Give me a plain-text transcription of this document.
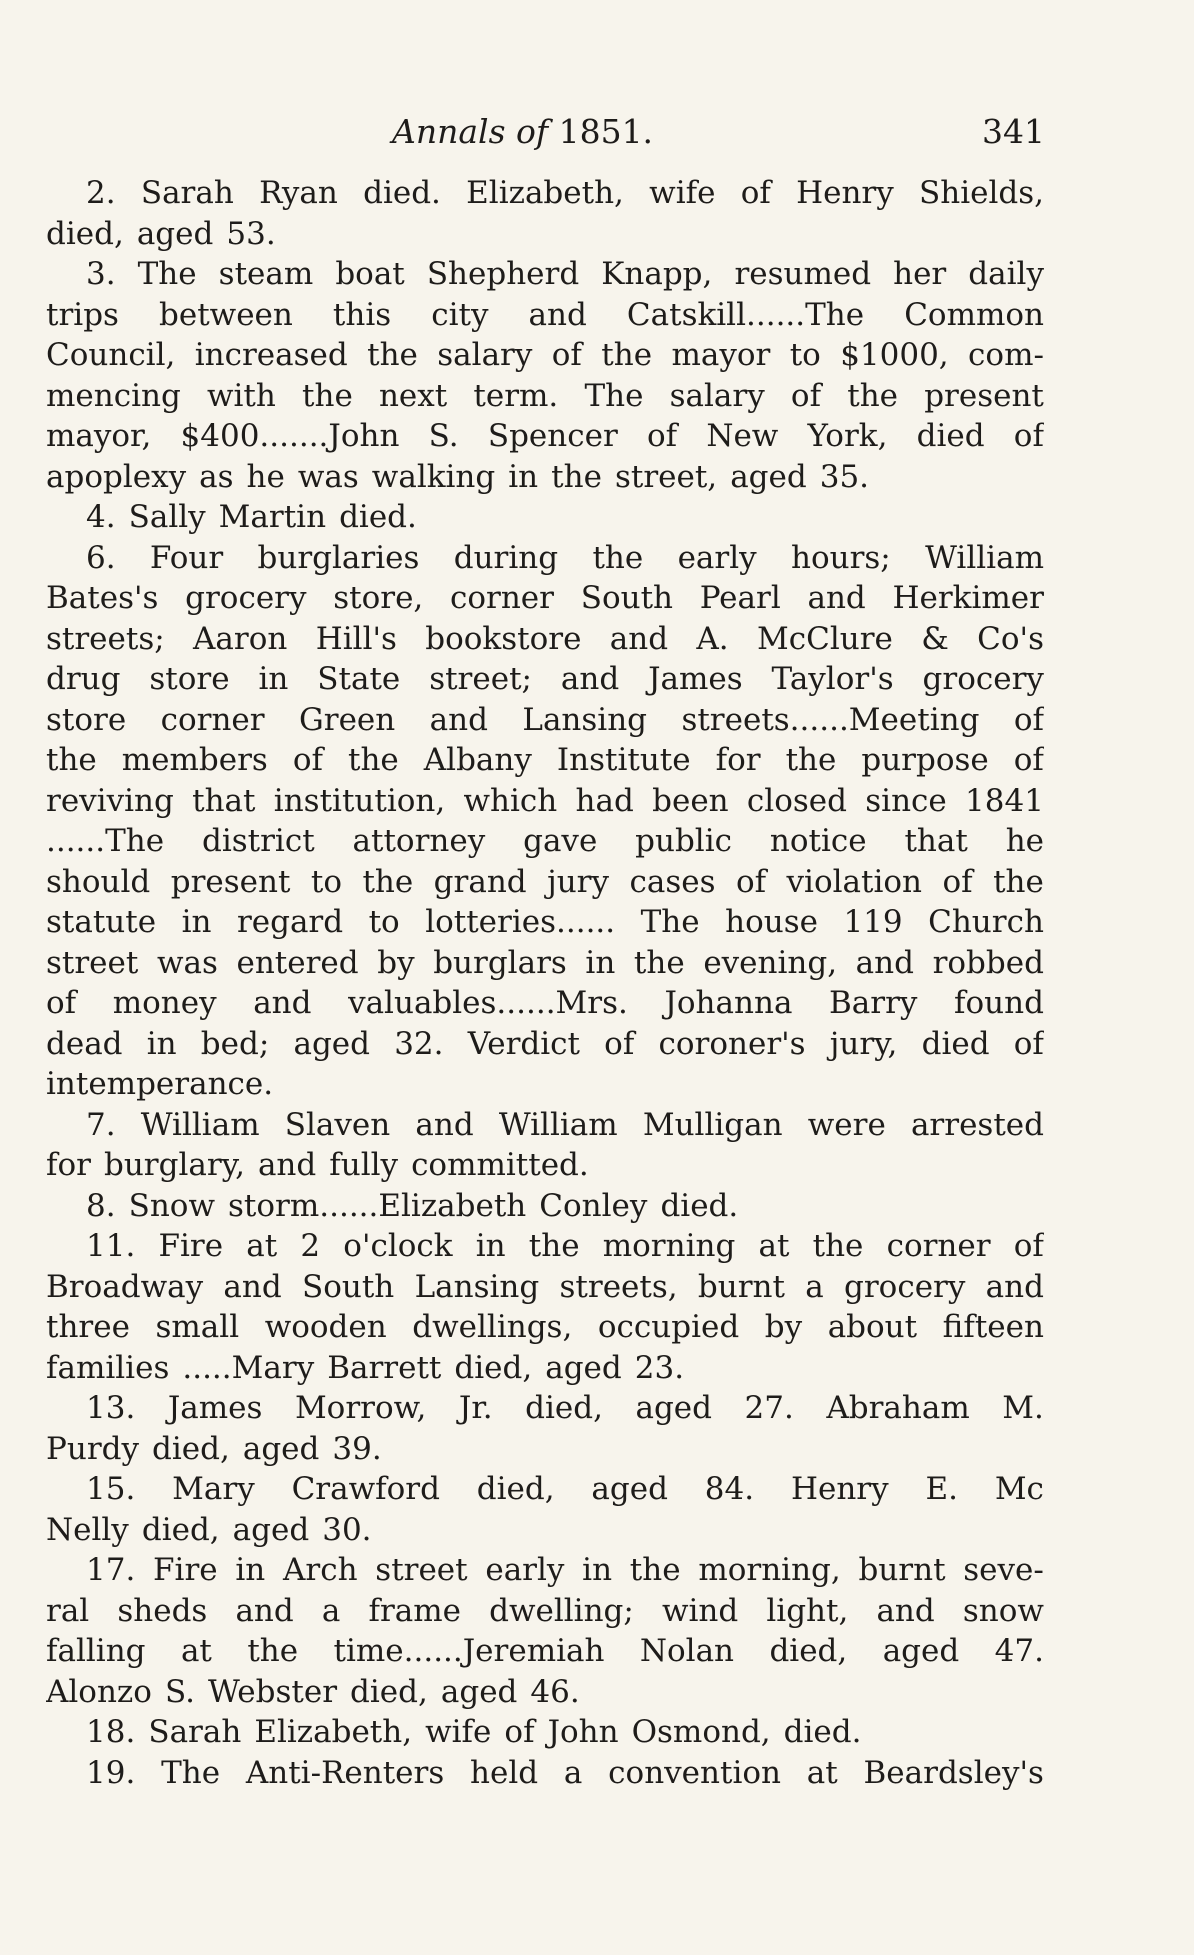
Annals of 1851.	341
2. Sarah Ryan died. Elizabeth, wife of Henry Shields,
died, aged 53.
3. The steam boat Shepherd Knapp, resumed her daily
trips between this city and Catskill......The Common
Council, increased the salary of the mayor to $1000, com-
mencing with the next term. The salary of the present
mayor, $400.......John S. Spencer of New York, died of
apoplexy as he was walking in the street, aged 35.
4. Sally Martin died.
6. Four burglaries during the early hours; William
Bates's grocery store, corner South Pearl and Herkimer
streets; Aaron Hill's bookstore and A. McClure & Co's
drug store in State street; and James Taylor's grocery
store corner Green and Lansing streets......Meeting of
the members of the Albany Institute for the purpose of
reviving that institution, which had been closed since 1841
......The district attorney gave public notice that he
should present to the grand jury cases of violation of the
statute in regard to lotteries...... The house 119 Church
street was entered by burglars in the evening, and robbed
of money and valuables......Mrs. Johanna Barry found
dead in bed; aged 32. Verdict of coroner's jury, died of
intemperance.
7. William Slaven and William Mulligan were arrested
for burglary, and fully committed.
8. Snow storm......Elizabeth Conley died.
11. Fire at 2 o'clock in the morning at the corner of
Broadway and South Lansing streets, burnt a grocery and
three small wooden dwellings, occupied by about fifteen
families .....Mary Barrett died, aged 23.
13. James Morrow, Jr. died, aged 27. Abraham M.
Purdy died, aged 39.
15. Mary Crawford died, aged 84. Henry E. Mc
Nelly died, aged 30.
17. Fire in Arch street early in the morning, burnt seve-
ral sheds and a frame dwelling; wind light, and snow
falling at the time......Jeremiah Nolan died, aged 47.
Alonzo S. Webster died, aged 46.
18. Sarah Elizabeth, wife of John Osmond, died.
19. The Anti-Renters held a convention at Beardsley's
